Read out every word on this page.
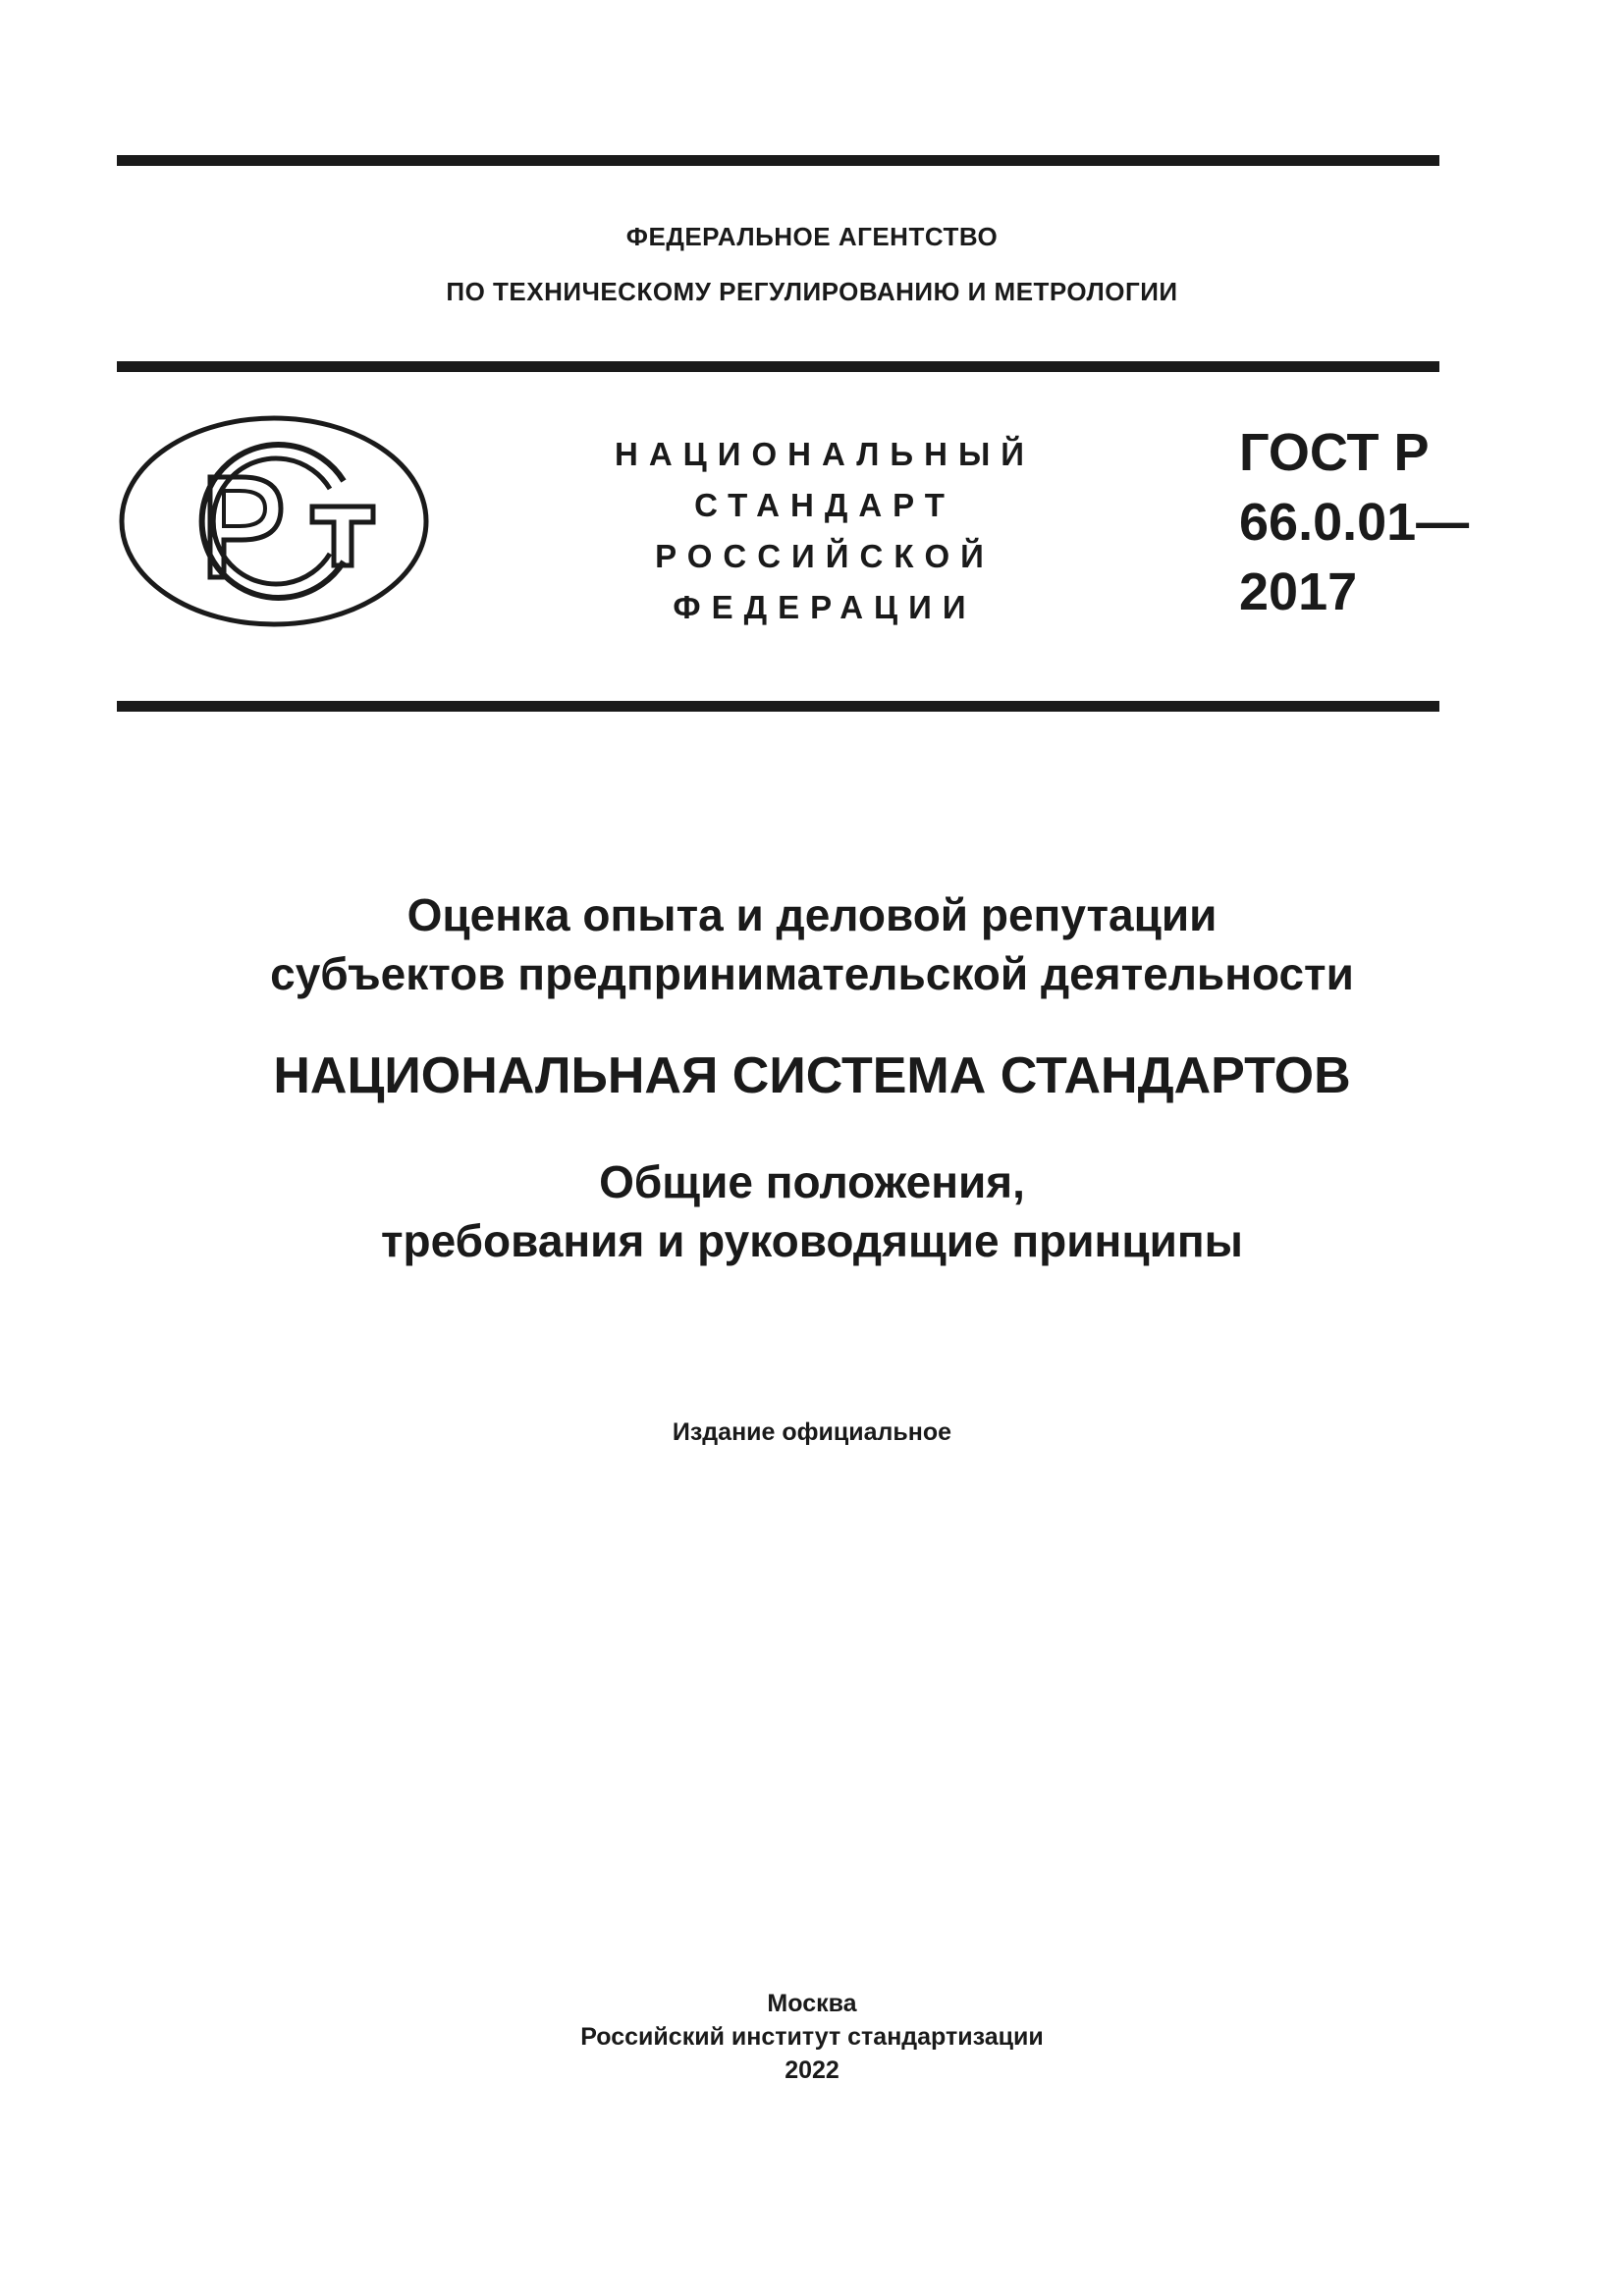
ФЕДЕРАЛЬНОЕ АГЕНТСТВО
ПО ТЕХНИЧЕСКОМУ РЕГУЛИРОВАНИЮ И МЕТРОЛОГИИ
НАЦИОНАЛЬНЫЙ
СТАНДАРТ
РОССИЙСКОЙ
ФЕДЕРАЦИИ
ГОСТ Р
66.0.01—
2017
Оценка опыта и деловой репутации
субъектов предпринимательской деятельности
НАЦИОНАЛЬНАЯ СИСТЕМА СТАНДАРТОВ
Общие положения,
требования и руководящие принципы
Издание официальное
Москва
Российский институт стандартизации
2022
